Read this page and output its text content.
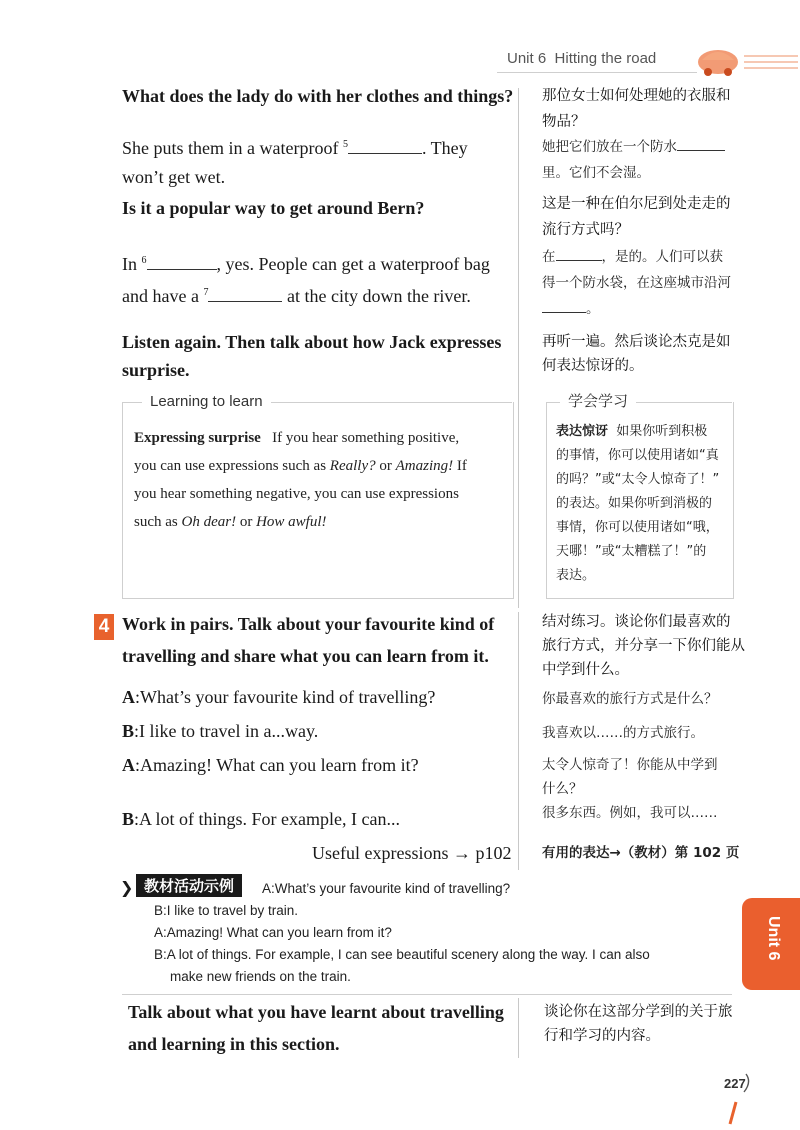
Unit 6 Hitting the road
What does the lady do with her clothes and things?
She puts them in a waterproof $^5$	. They
won’t get wet.
那位女士如何处理她的衣服和
物品？
她把它们放在一个防水
里。它们不会湿。
Is it a popular way to get around Bern?
In $^6$	, yes. People can get a waterproof bag
and have a $^7$	at the city down the river.
这是一种在伯尔尼到处走走的
流行方式吗？
在	，是的。人们可以获
得一个防水袋，在这座城市沿河
。
Listen again. Then talk about how Jack expresses
surprise.
再听一遍。然后谈论杰克是如
何表达惊讶的。
Learning to learn
Expressing surprise If you hear something positive,
you can use expressions such as Really? or Amazing! If
you hear something negative, you can use expressions
such as Oh dear! or How awful!
学会学习
表达惊讶 如果你听到积极
的事情，你可以使用诸如“真
的吗？”或“太令人惊奇了！”
的表达。如果你听到消极的
事情，你可以使用诸如“哦，
天哪！”或“太糟糕了！”的
表达。
4 Work in pairs. Talk about your favourite kind of
travelling and share what you can learn from it.
结对练习。谈论你们最喜欢的
旅行方式，并分享一下你们能从
中学到什么。
A:What’s your favourite kind of travelling?
B:I like to travel in a...way.
A:Amazing! What can you learn from it?
B:A lot of things. For example, I can...
Useful expressions → p102
你最喜欢的旅行方式是什么？
我喜欢以……的方式旅行。
太令人惊奇了！你能从中学到
什么？
很多东西。例如，我可以……
有用的表达→（教材）第 102 页
❯ 教材活动示例	A:What’s your favourite kind of travelling?
B:I like to travel by train.
A:Amazing! What can you learn from it?
B:A lot of things. For example, I can see beautiful scenery along the way. I can also
make new friends on the train.
Talk about what you have learnt about travelling
and learning in this section.
谈论你在这部分学到的关于旅
行和学习的内容。
Unit 6
227
